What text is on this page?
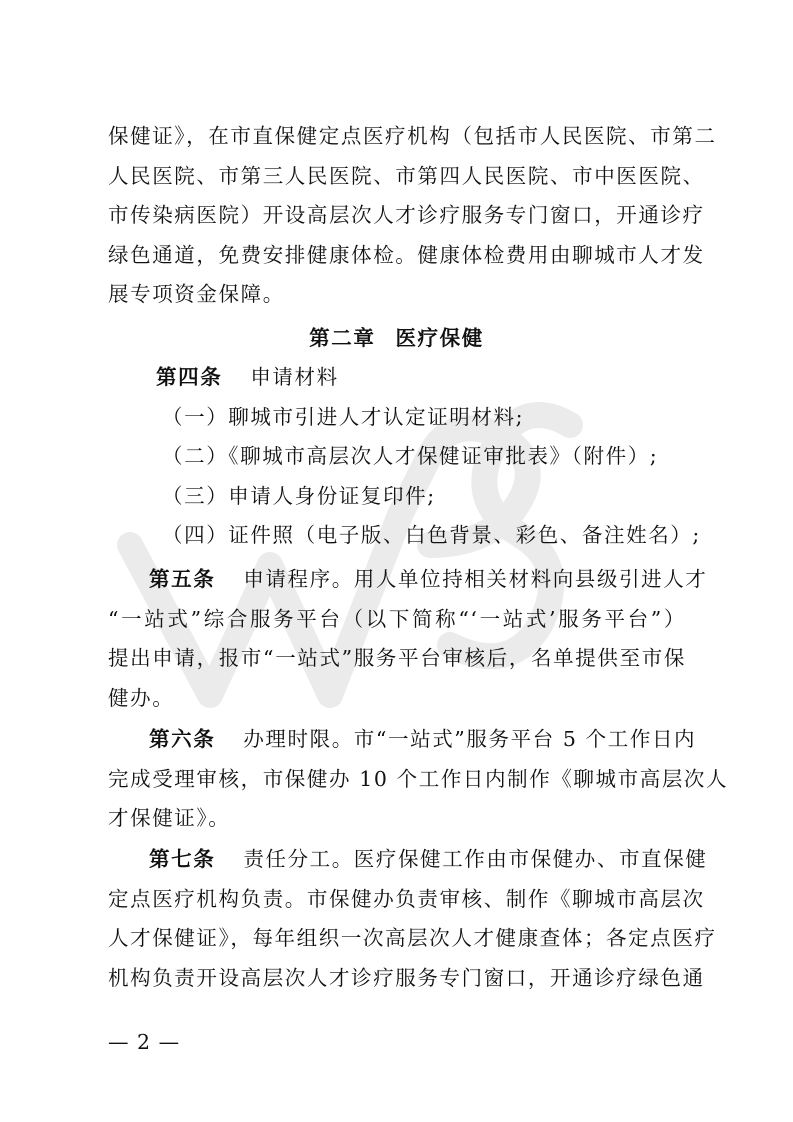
保健证》，在市直保健定点医疗机构（包括市人民医院、市第二
人民医院、市第三人民医院、市第四人民医院、市中医医院、
市传染病医院）开设高层次人才诊疗服务专门窗口，开通诊疗
绿色通道，免费安排健康体检。健康体检费用由聊城市人才发
展专项资金保障。
第二章 医疗保健
第四条 申请材料
（一）聊城市引进人才认定证明材料;
（二）《聊城市高层次人才保健证审批表》（附件）;
（三）申请人身份证复印件;
（四）证件照（电子版、白色背景、彩色、备注姓名）;
第五条 申请程序。用人单位持相关材料向县级引进人才
“一站式”综合服务平台（以下简称“‘一站式’服务平台”）
提出申请，报市“一站式”服务平台审核后，名单提供至市保
健办。
第六条 办理时限。市“一站式”服务平台 5 个工作日内
完成受理审核，市保健办 10 个工作日内制作《聊城市高层次人
才保健证》。
第七条 责任分工。医疗保健工作由市保健办、市直保健
定点医疗机构负责。市保健办负责审核、制作《聊城市高层次
人才保健证》，每年组织一次高层次人才健康查体；各定点医疗
机构负责开设高层次人才诊疗服务专门窗口，开通诊疗绿色通
— 2 —
